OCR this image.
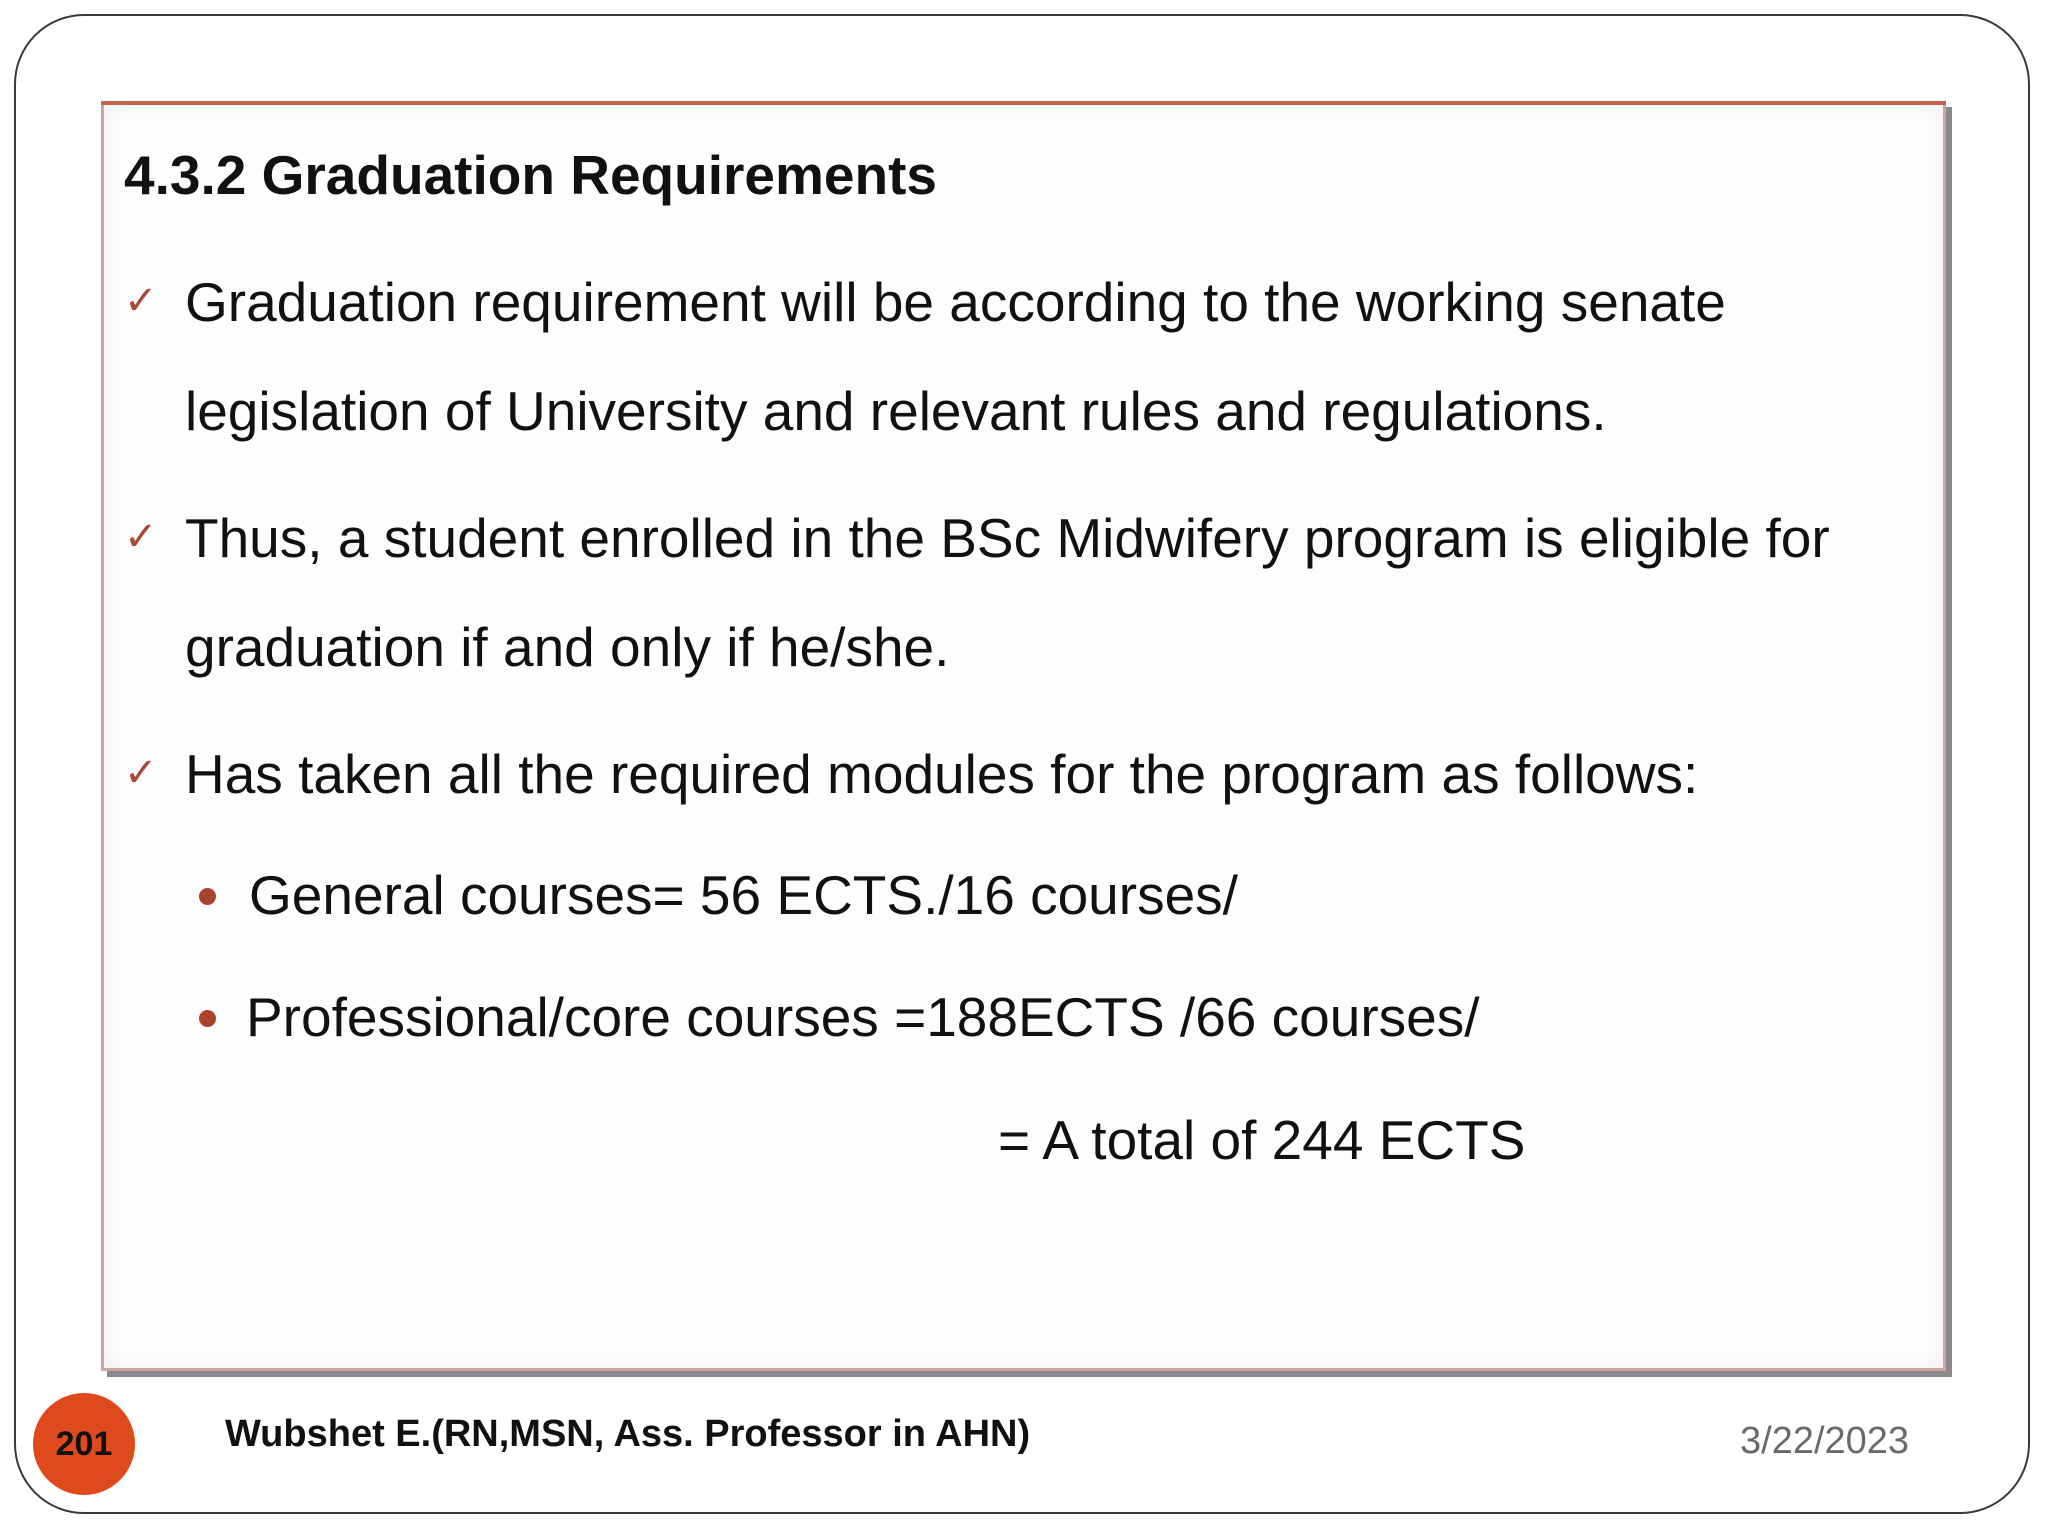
4.3.2 Graduation Requirements
✓ Graduation requirement will be according to the working senate legislation of University and relevant rules and regulations.
✓ Thus, a student enrolled in the BSc Midwifery program is eligible for graduation if and only if he/she.
✓ Has taken all the required modules for the program as follows:
General courses= 56 ECTS./16 courses/
Professional/core courses =188ECTS /66 courses/
= A total of 244 ECTS
201	Wubshet E.(RN,MSN, Ass. Professor in AHN)	3/22/2023
